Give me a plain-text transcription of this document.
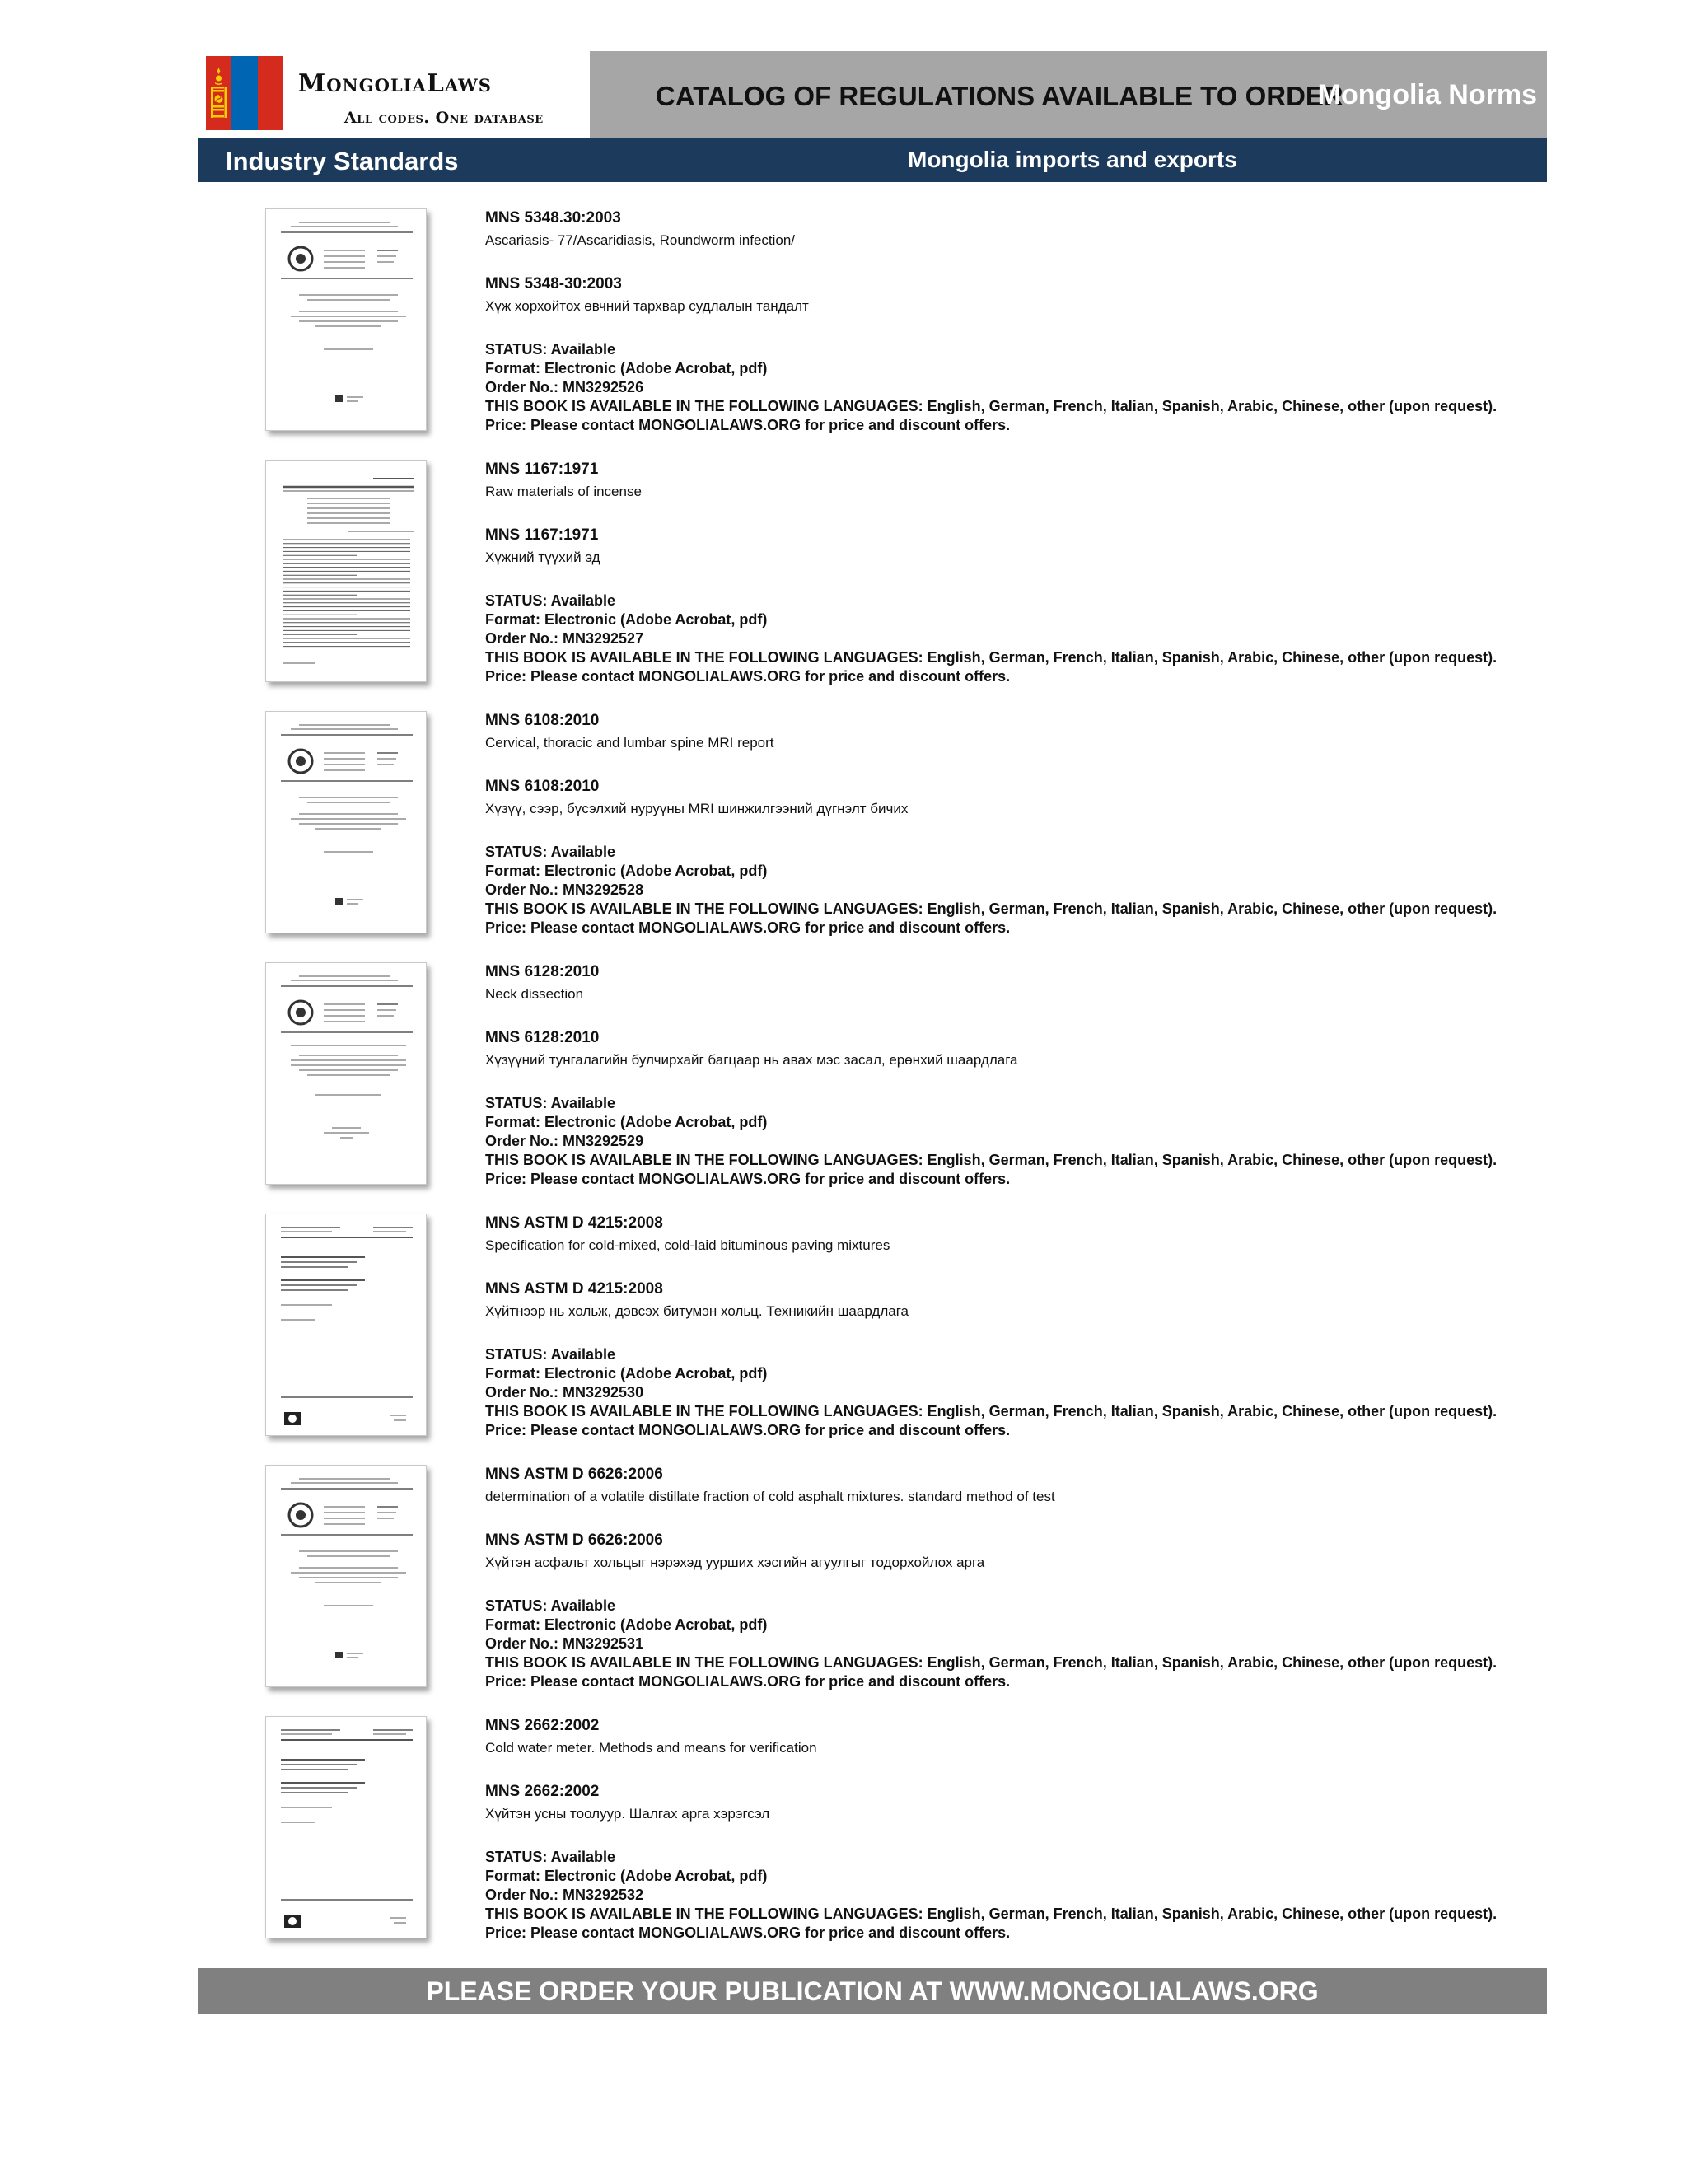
MongoliaLaws
All codes. One database
CATALOG OF REGULATIONS AVAILABLE TO ORDER
Mongolia Norms
Industry Standards	Mongolia imports and exports
MNS 5348.30:2003
Ascariasis- 77/Ascaridiasis, Roundworm infection/
MNS 5348-30:2003
Хүж хорхойтох өвчний тархвар судлалын тандалт
STATUS: Available
Format: Electronic (Adobe Acrobat, pdf)
Order No.: MN3292526
THIS BOOK IS AVAILABLE IN THE FOLLOWING LANGUAGES: English, German, French, Italian, Spanish, Arabic, Chinese, other (upon request).
Price: Please contact MONGOLIALAWS.ORG for price and discount offers.
MNS 1167:1971
Raw materials of incense
MNS 1167:1971
Хүжний түүхий эд
STATUS: Available
Format: Electronic (Adobe Acrobat, pdf)
Order No.: MN3292527
THIS BOOK IS AVAILABLE IN THE FOLLOWING LANGUAGES: English, German, French, Italian, Spanish, Arabic, Chinese, other (upon request).
Price: Please contact MONGOLIALAWS.ORG for price and discount offers.
MNS 6108:2010
Cervical, thoracic and lumbar spine MRI report
MNS 6108:2010
Хүзүү, сээр, бүсэлхий нуруүны MRI шинжилгээний дүгнэлт бичих
STATUS: Available
Format: Electronic (Adobe Acrobat, pdf)
Order No.: MN3292528
THIS BOOK IS AVAILABLE IN THE FOLLOWING LANGUAGES: English, German, French, Italian, Spanish, Arabic, Chinese, other (upon request).
Price: Please contact MONGOLIALAWS.ORG for price and discount offers.
MNS 6128:2010
Neck dissection
MNS 6128:2010
Хүзүүний тунгалагийн булчирхайг багцаар нь авах мэс засал, ерөнхий шаардлага
STATUS: Available
Format: Electronic (Adobe Acrobat, pdf)
Order No.: MN3292529
THIS BOOK IS AVAILABLE IN THE FOLLOWING LANGUAGES: English, German, French, Italian, Spanish, Arabic, Chinese, other (upon request).
Price: Please contact MONGOLIALAWS.ORG for price and discount offers.
MNS ASTM D 4215:2008
Specification for cold-mixed, cold-laid bituminous paving mixtures
MNS ASTM D 4215:2008
Хүйтнээр нь хольж, дэвсэх битумэн хольц. Техникийн шаардлага
STATUS: Available
Format: Electronic (Adobe Acrobat, pdf)
Order No.: MN3292530
THIS BOOK IS AVAILABLE IN THE FOLLOWING LANGUAGES: English, German, French, Italian, Spanish, Arabic, Chinese, other (upon request).
Price: Please contact MONGOLIALAWS.ORG for price and discount offers.
MNS ASTM D 6626:2006
determination of a volatile distillate fraction of cold asphalt mixtures. standard method of test
MNS ASTM D 6626:2006
Хүйтэн асфальт хольцыг нэрэхэд уурших хэсгийн агуулгыг тодорхойлох арга
STATUS: Available
Format: Electronic (Adobe Acrobat, pdf)
Order No.: MN3292531
THIS BOOK IS AVAILABLE IN THE FOLLOWING LANGUAGES: English, German, French, Italian, Spanish, Arabic, Chinese, other (upon request).
Price: Please contact MONGOLIALAWS.ORG for price and discount offers.
MNS 2662:2002
Cold water meter. Methods and means for verification
MNS 2662:2002
Хүйтэн усны тоолуур. Шалгах арга хэрэгсэл
STATUS: Available
Format: Electronic (Adobe Acrobat, pdf)
Order No.: MN3292532
THIS BOOK IS AVAILABLE IN THE FOLLOWING LANGUAGES: English, German, French, Italian, Spanish, Arabic, Chinese, other (upon request).
Price: Please contact MONGOLIALAWS.ORG for price and discount offers.
PLEASE ORDER YOUR PUBLICATION AT WWW.MONGOLIALAWS.ORG
